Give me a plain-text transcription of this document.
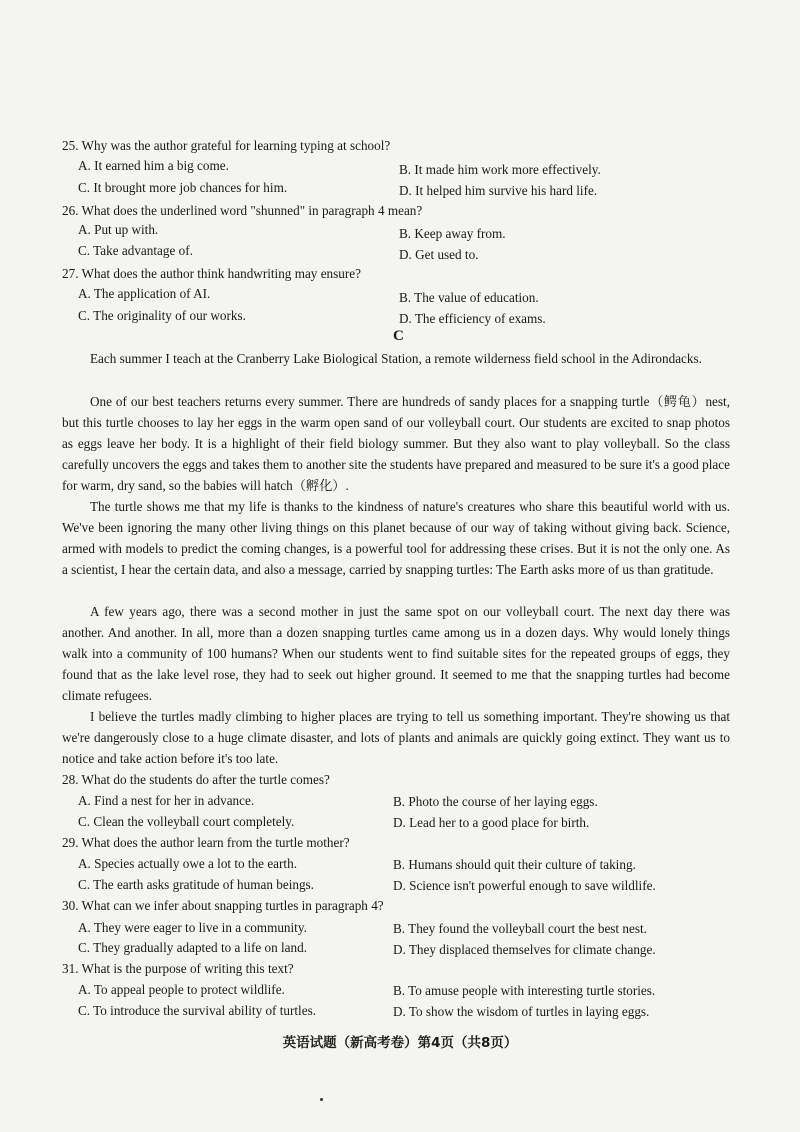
25. Why was the author grateful for learning typing at school?
A. It earned him a big come.	B. It made him work more effectively.
C. It brought more job chances for him.	D. It helped him survive his hard life.
26. What does the underlined word "shunned" in paragraph 4 mean?
A. Put up with.	B. Keep away from.
C. Take advantage of.	D. Get used to.
27. What does the author think handwriting may ensure?
A. The application of AI.	B. The value of education.
C. The originality of our works.	D. The efficiency of exams.
C
Each summer I teach at the Cranberry Lake Biological Station, a remote wilderness field school in the Adirondacks.
One of our best teachers returns every summer. There are hundreds of sandy places for a snapping turtle（鳄龟）nest, but this turtle chooses to lay her eggs in the warm open sand of our volleyball court. Our students are excited to snap photos as eggs leave her body. It is a highlight of their field biology summer. But they also want to play volleyball. So the class carefully uncovers the eggs and takes them to another site the students have prepared and measured to be sure it's a good place for warm, dry sand, so the babies will hatch（孵化）.
The turtle shows me that my life is thanks to the kindness of nature's creatures who share this beautiful world with us. We've been ignoring the many other living things on this planet because of our way of taking without giving back. Science, armed with models to predict the coming changes, is a powerful tool for addressing these crises. But it is not the only one. As a scientist, I hear the certain data, and also a message, carried by snapping turtles: The Earth asks more of us than gratitude.
A few years ago, there was a second mother in just the same spot on our volleyball court. The next day there was another. And another. In all, more than a dozen snapping turtles came among us in a dozen days. Why would lonely things walk into a community of 100 humans? When our students went to find suitable sites for the repeated groups of eggs, they found that as the lake level rose, they had to seek out higher ground. It seemed to me that the snapping turtles had become climate refugees.
I believe the turtles madly climbing to higher places are trying to tell us something important. They're showing us that we're dangerously close to a huge climate disaster, and lots of plants and animals are quickly going extinct. They want us to notice and take action before it's too late.
28. What do the students do after the turtle comes?
A. Find a nest for her in advance.	B. Photo the course of her laying eggs.
C. Clean the volleyball court completely.	D. Lead her to a good place for birth.
29. What does the author learn from the turtle mother?
A. Species actually owe a lot to the earth.	B. Humans should quit their culture of taking.
C. The earth asks gratitude of human beings.	D. Science isn't powerful enough to save wildlife.
30. What can we infer about snapping turtles in paragraph 4?
A. They were eager to live in a community.	B. They found the volleyball court the best nest.
C. They gradually adapted to a life on land.	D. They displaced themselves for climate change.
31. What is the purpose of writing this text?
A. To appeal people to protect wildlife.	B. To amuse people with interesting turtle stories.
C. To introduce the survival ability of turtles.	D. To show the wisdom of turtles in laying eggs.
英语试题（新高考卷）第4页（共8页）
